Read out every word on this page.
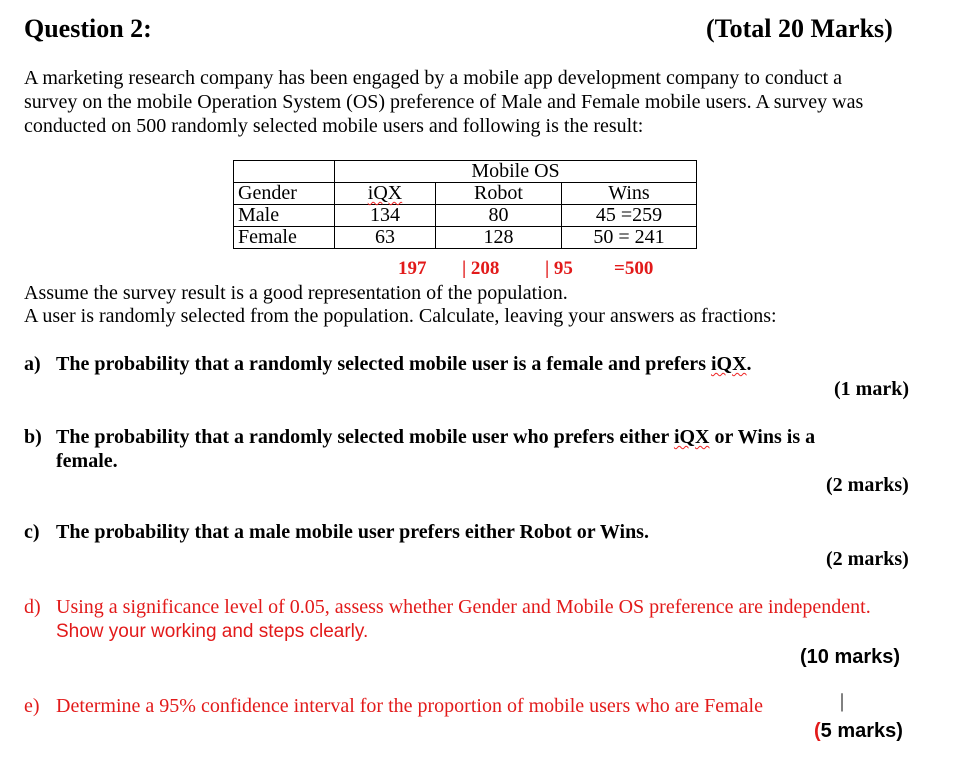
Question 2:	(Total 20 Marks)
A marketing research company has been engaged by a mobile app development company to conduct a
survey on the mobile Operation System (OS) preference of Male and Female mobile users. A survey was
conducted on 500 randomly selected mobile users and following is the result:
	Mobile OS		
Gender	iQX	Robot	Wins
Male	134	80	45 =259
Female	63	128	50 = 241
197 | 208 | 95 =500
Assume the survey result is a good representation of the population.
A user is randomly selected from the population. Calculate, leaving your answers as fractions:
a) The probability that a randomly selected mobile user is a female and prefers iQX.
(1 mark)
b) The probability that a randomly selected mobile user who prefers either iQX or Wins is a
female.
(2 marks)
c) The probability that a male mobile user prefers either Robot or Wins.
(2 marks)
d) Using a significance level of 0.05, assess whether Gender and Mobile OS preference are independent.
Show your working and steps clearly.
(10 marks)
e) Determine a 95% confidence interval for the proportion of mobile users who are Female	|
(5 marks)
